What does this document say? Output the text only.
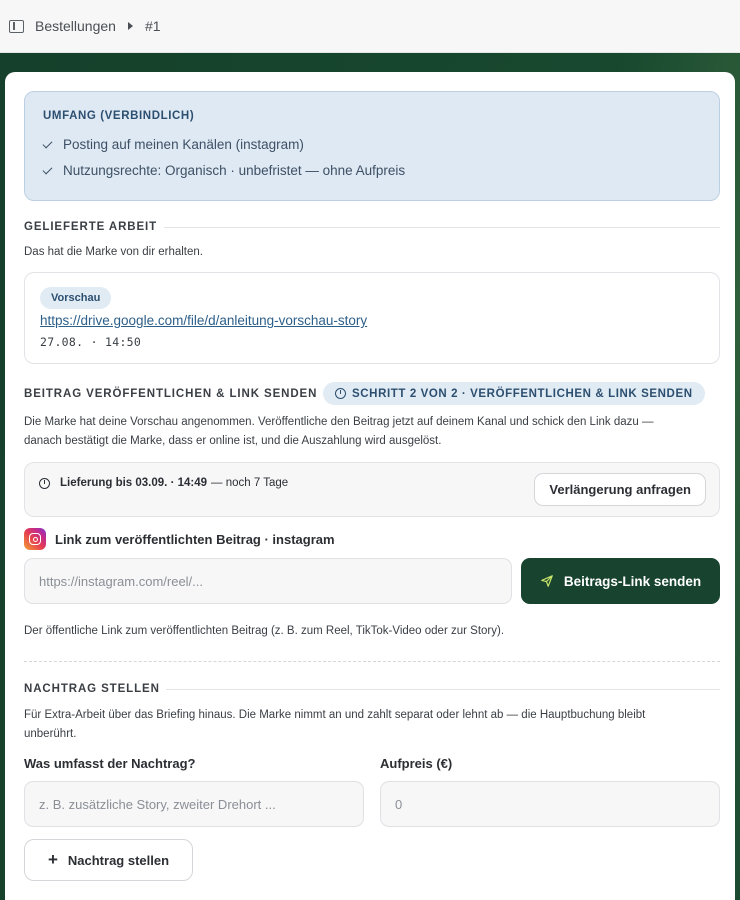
Bestellungen #1
UMFANG (VERBINDLICH)
Posting auf meinen Kanälen (instagram)
Nutzungsrechte: Organisch · unbefristet — ohne Aufpreis
GELIEFERTE ARBEIT
Das hat die Marke von dir erhalten.
Vorschau
https://drive.google.com/file/d/anleitung-vorschau-story
27.08. · 14:50
BEITRAG VERÖFFENTLICHEN & LINK SENDEN	SCHRITT 2 VON 2 · VERÖFFENTLICHEN & LINK SENDEN
Die Marke hat deine Vorschau angenommen. Veröffentliche den Beitrag jetzt auf deinem Kanal und schick den Link dazu —
danach bestätigt die Marke, dass er online ist, und die Auszahlung wird ausgelöst.
Lieferung bis 03.09. · 14:49 — noch 7 Tage	Verlängerung anfragen
Link zum veröffentlichten Beitrag · instagram
https://instagram.com/reel/...
Beitrags-Link senden
Der öffentliche Link zum veröffentlichten Beitrag (z. B. zum Reel, TikTok-Video oder zur Story).
NACHTRAG STELLEN
Für Extra-Arbeit über das Briefing hinaus. Die Marke nimmt an und zahlt separat oder lehnt ab — die Hauptbuchung bleibt
unberührt.
Was umfasst der Nachtrag?	Aufpreis (€)
z. B. zusätzliche Story, zweiter Drehort ...
0
+ Nachtrag stellen
